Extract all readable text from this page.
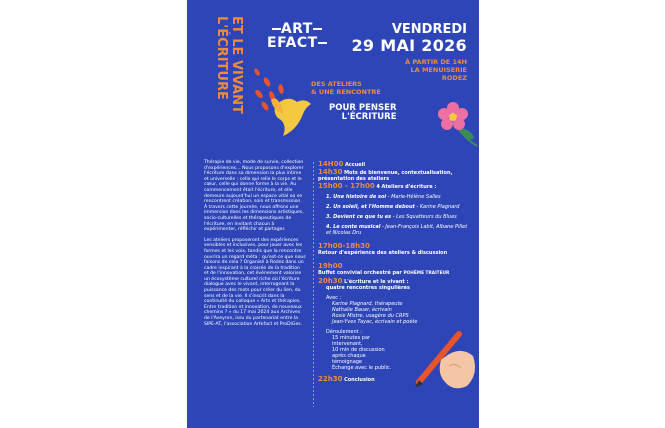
L'ÉCRITURE ET LE VIVANT	ART
EFACT
VENDREDI
29 MAI 2026
À PARTIR DE 14H
LA MENUISERIE
RODEZ
DES ATELIERS
& UNE RENCONTRE
POUR PENSER
L'ÉCRITURE

Thérapie de vie, mode de survie, collection d'expériences… Nous proposons d'explorer l'écriture dans sa dimension la plus intime et universelle : celle qui relie le corps et le cœur, celle qui donne forme à la vie. Au commencement était l'écriture, et elle demeure aujourd'hui un espace vital où se rencontrent création, soin et transmission. À travers cette journée, nous offrons une immersion dans les dimensions artistiques, socio-culturelles et thérapeutiques de l'écriture, en invitant chacun à expérimenter, réfléchir et partager.

Les ateliers proposeront des expériences sensibles et inclusives, pour jouer avec les formes et les voix, tandis que la rencontre ouvrira un regard méta : qu'est-ce que nous faisons de cela ? Organisé à Rodez dans un cadre inspirant à la croisée de la tradition et de l'innovation, cet événement valorise un écosystème culturel riche où l'écriture dialogue avec le vivant, interrogeant la puissance des mots pour créer du lien, du sens et de la vie. Il s'inscrit dans la continuité du colloque « Arts et thérapies. Entre tradition et innovation, de nouveaux chemins ? » du 17 mai 2024 aux Archives de l'Aveyron, issu du partenariat entre la SIPE-AT, l'association Artefact et ProDiGes.

14H00 Accueil
14h30 Mots de bienvenue, contextualisation, présentation des ateliers
15h00 - 17h00 4 Ateliers d'écriture :
1. Une histoire de soi - Marie-Hélène Salles
2. Un soleil, et l'Homme debout - Karine Plagnard
3. Devient ce que tu es - Les Squatteurs du Blues
4. Le conte musical - Jean-François Labit, Albane Pillet et Nicolas Dru
17h00-18h30
Retour d'expérience des ateliers & discussion
19h00
Buffet convivial orchestré par POHÈME TRAITEUR
20h30 L'écriture et le vivant :
quatre rencontres singulières
Avec :
Karine Plagnard, thérapeute
Nathalie Bauer, écrivain
Rosie Mistre, usagère du CRPS
Jean-Yves Tayac, écrivain et poète
Déroulement :
15 minutes par intervenant,
10 min de discussion après chaque témoignage
Échange avec le public.
22h30 Conclusion
